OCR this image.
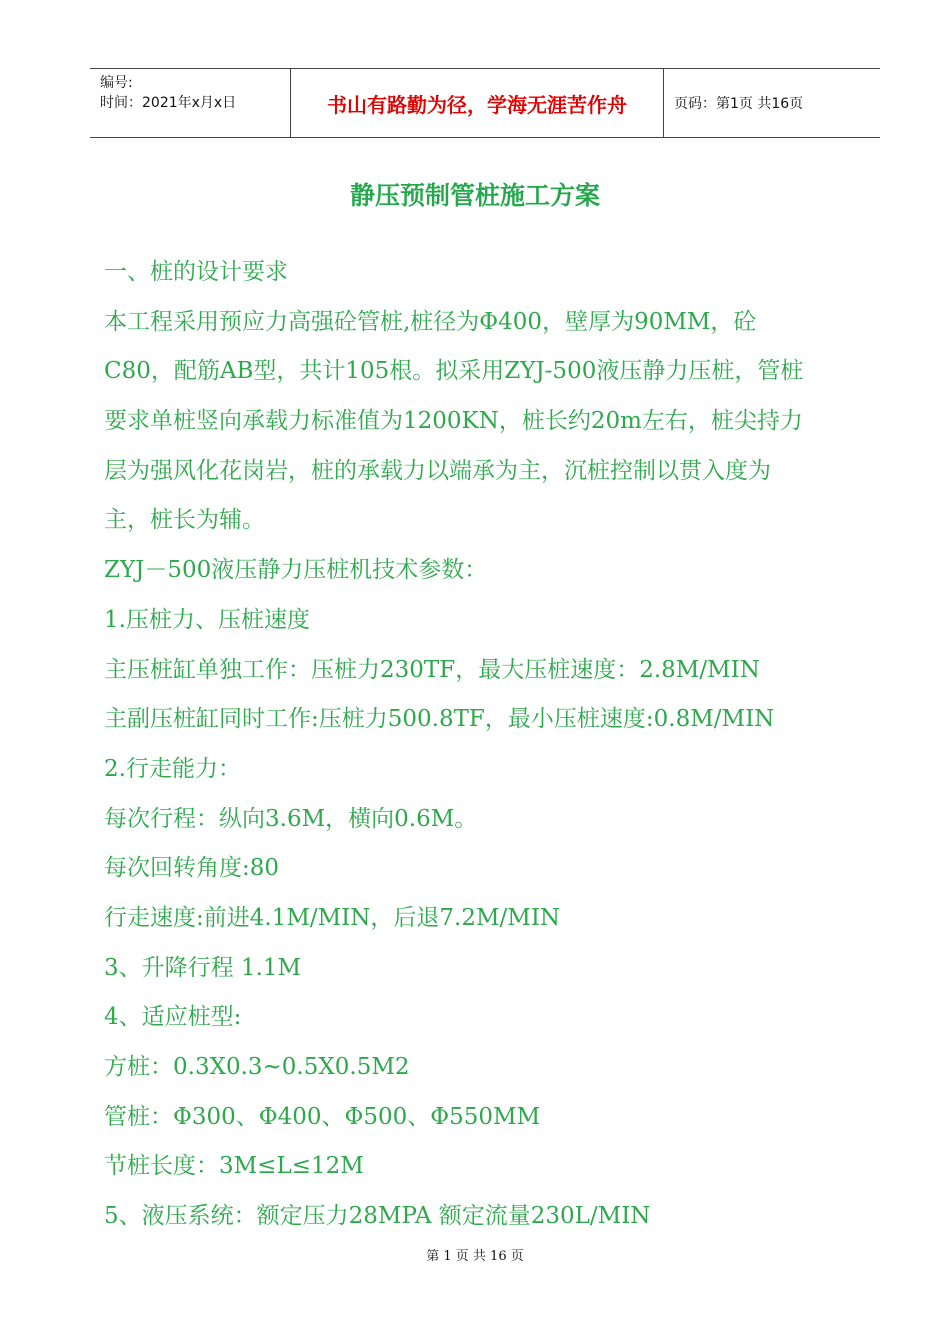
编号:
时间：2021年x月x日	书山有路勤为径，学海无涯苦作舟	页码：第1页 共16页
静压预制管桩施工方案
一、桩的设计要求
本工程采用预应力高强砼管桩,桩径为Φ400，壁厚为90MM，砼
C80，配筋AB型，共计105根。拟采用ZYJ-500液压静力压桩，管桩
要求单桩竖向承载力标准值为1200KN，桩长约20m左右，桩尖持力
层为强风化花岗岩，桩的承载力以端承为主，沉桩控制以贯入度为
主，桩长为辅。
ZYJ－500液压静力压桩机技术参数：
1.压桩力、压桩速度
主压桩缸单独工作：压桩力230TF，最大压桩速度：2.8M/MIN
主副压桩缸同时工作:压桩力500.8TF，最小压桩速度:0.8M/MIN
2.行走能力：
每次行程：纵向3.6M，横向0.6M。
每次回转角度:80
行走速度:前进4.1M/MIN，后退7.2M/MIN
3、升降行程 1.1M
4、适应桩型:
方桩：0.3X0.3~0.5X0.5M2
管桩：Φ300、Φ400、Φ500、Φ550MM
节桩长度：3M≤L≤12M
5、液压系统：额定压力28MPA 额定流量230L/MIN
第 1 页 共 16 页
